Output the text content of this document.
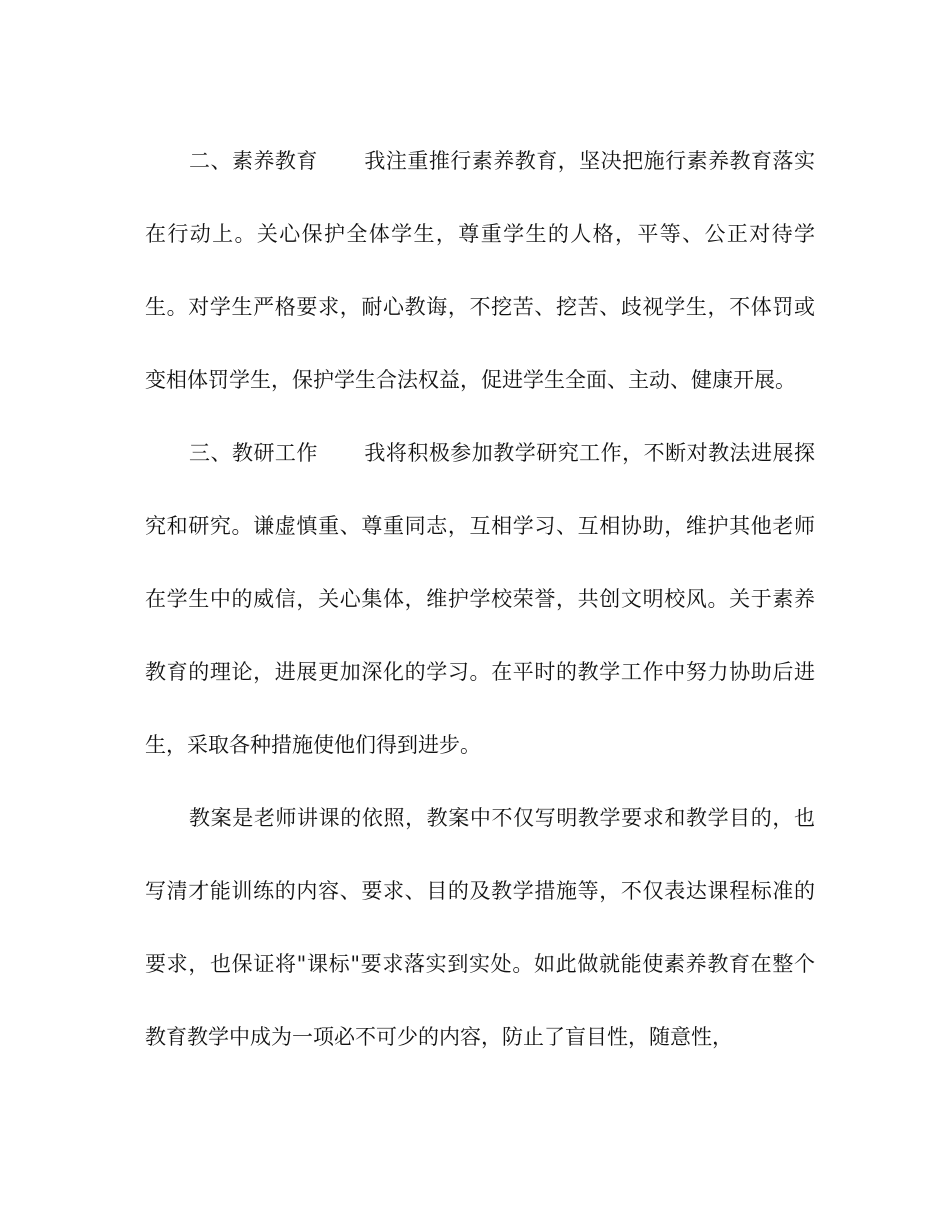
二、素养教育 我注重推行素养教育，坚决把施行素养教育落实在行动上。关心保护全体学生，尊重学生的人格，平等、公正对待学生。对学生严格要求，耐心教诲，不挖苦、挖苦、歧视学生，不体罚或变相体罚学生，保护学生合法权益，促进学生全面、主动、健康开展。

三、教研工作 我将积极参加教学研究工作，不断对教法进展探究和研究。谦虚慎重、尊重同志，互相学习、互相协助，维护其他老师在学生中的威信，关心集体，维护学校荣誉，共创文明校风。关于素养教育的理论，进展更加深化的学习。在平时的教学工作中努力协助后进生，采取各种措施使他们得到进步。

教案是老师讲课的依照，教案中不仅写明教学要求和教学目的，也写清才能训练的内容、要求、目的及教学措施等，不仅表达课程标准的要求，也保证将"课标"要求落实到实处。如此做就能使素养教育在整个教育教学中成为一项必不可少的内容，防止了盲目性，随意性，
